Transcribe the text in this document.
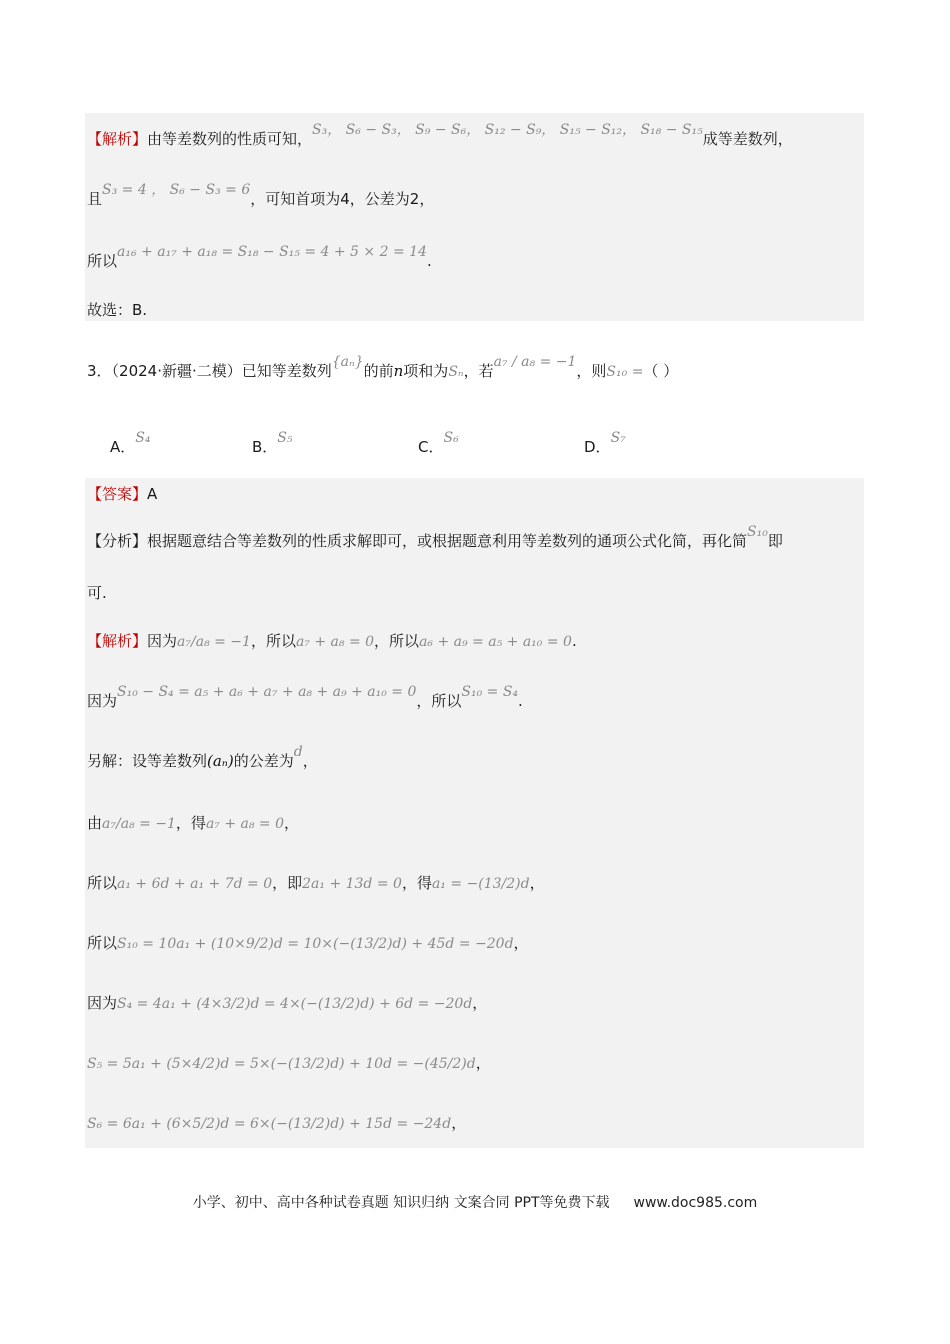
【解析】由等差数列的性质可知，S₃， S₆ − S₃， S₉ − S₆， S₁₂ − S₉， S₁₅ − S₁₂， S₁₈ − S₁₅成等差数列，
且S₃ = 4 ， S₆ − S₃ = 6，可知首项为4，公差为2，
所以a₁₆ + a₁₇ + a₁₈ = S₁₈ − S₁₅ = 4 + 5 × 2 = 14.
故选：B.
3．（2024·新疆·二模）已知等差数列{aₙ}的前n项和为Sₙ，若a₇ / a₈ = −1，则S₁₀ =（ ）
A．S₄	B．S₅	C．S₆	D．S₇
【答案】A
【分析】根据题意结合等差数列的性质求解即可，或根据题意利用等差数列的通项公式化简，再化简S₁₀即
可.
【解析】因为a₇/a₈ = −1，所以a₇ + a₈ = 0，所以a₆ + a₉ = a₅ + a₁₀ = 0.
因为S₁₀ − S₄ = a₅ + a₆ + a₇ + a₈ + a₉ + a₁₀ = 0，所以S₁₀ = S₄.
另解：设等差数列(aₙ)的公差为d，
由a₇/a₈ = −1，得a₇ + a₈ = 0，
所以a₁ + 6d + a₁ + 7d = 0，即2a₁ + 13d = 0，得a₁ = −(13/2)d，
所以S₁₀ = 10a₁ + (10×9/2)d = 10×(−(13/2)d) + 45d = −20d，
因为S₄ = 4a₁ + (4×3/2)d = 4×(−(13/2)d) + 6d = −20d，
S₅ = 5a₁ + (5×4/2)d = 5×(−(13/2)d) + 10d = −(45/2)d，
S₆ = 6a₁ + (6×5/2)d = 6×(−(13/2)d) + 15d = −24d，
小学、初中、高中各种试卷真题 知识归纳 文案合同 PPT等免费下载 www.doc985.com
